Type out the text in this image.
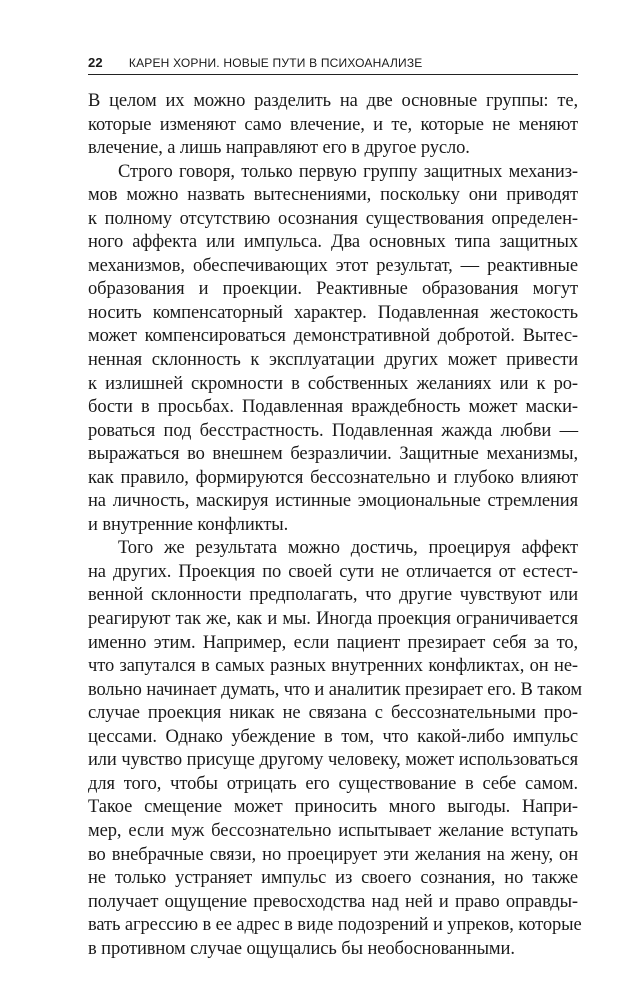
22 КАРЕН ХОРНИ. НОВЫЕ ПУТИ В ПСИХОАНАЛИЗЕ
В целом их можно разделить на две основные группы: те,
которые изменяют само влечение, и те, которые не меняют
влечение, а лишь направляют его в другое русло.
Строго говоря, только первую группу защитных механиз-
мов можно назвать вытеснениями, поскольку они приводят
к полному отсутствию осознания существования определен-
ного аффекта или импульса. Два основных типа защитных
механизмов, обеспечивающих этот результат, — реактивные
образования и проекции. Реактивные образования могут
носить компенсаторный характер. Подавленная жестокость
может компенсироваться демонстративной добротой. Вытес-
ненная склонность к эксплуатации других может привести
к излишней скромности в собственных желаниях или к ро-
бости в просьбах. Подавленная враждебность может маски-
роваться под бесстрастность. Подавленная жажда любви —
выражаться во внешнем безразличии. Защитные механизмы,
как правило, формируются бессознательно и глубоко влияют
на личность, маскируя истинные эмоциональные стремления
и внутренние конфликты.
Того же результата можно достичь, проецируя аффект
на других. Проекция по своей сути не отличается от естест-
венной склонности предполагать, что другие чувствуют или
реагируют так же, как и мы. Иногда проекция ограничивается
именно этим. Например, если пациент презирает себя за то,
что запутался в самых разных внутренних конфликтах, он не-
вольно начинает думать, что и аналитик презирает его. В таком
случае проекция никак не связана с бессознательными про-
цессами. Однако убеждение в том, что какой-либо импульс
или чувство присуще другому человеку, может использоваться
для того, чтобы отрицать его существование в себе самом.
Такое смещение может приносить много выгоды. Напри-
мер, если муж бессознательно испытывает желание вступать
во внебрачные связи, но проецирует эти желания на жену, он
не только устраняет импульс из своего сознания, но также
получает ощущение превосходства над ней и право оправды-
вать агрессию в ее адрес в виде подозрений и упреков, которые
в противном случае ощущались бы необоснованными.
